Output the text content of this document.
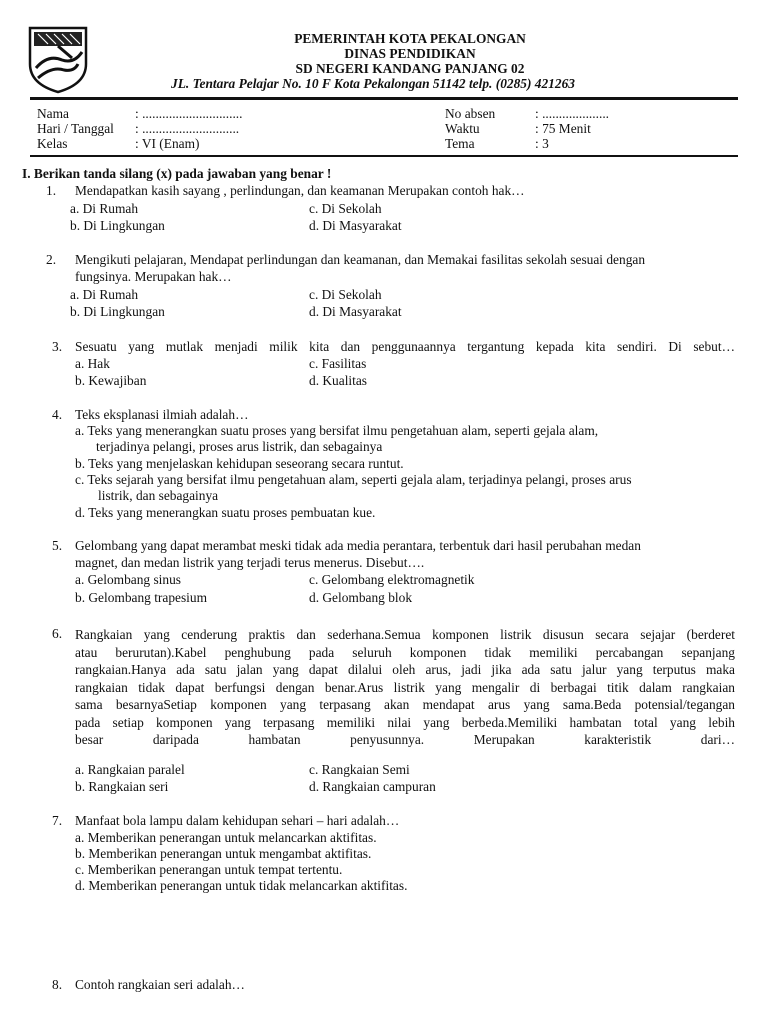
PEMERINTAH KOTA PEKALONGAN
DINAS PENDIDIKAN
SD NEGERI KANDANG PANJANG 02
JL. Tentara Pelajar No. 10 F Kota Pekalongan 51142 telp. (0285) 421263
Nama	: ..............................	No absen	: ....................
Hari / Tanggal : .............................	Waktu	: 75 Menit
Kelas	: VI (Enam)	Tema	: 3
I. Berikan tanda silang (x) pada jawaban yang benar !
1. Mendapatkan kasih sayang , perlindungan, dan keamanan Merupakan contoh hak…
a. Di Rumah
b. Di Lingkungan
c. Di Sekolah
d. Di Masyarakat
2. Mengikuti pelajaran, Mendapat perlindungan dan keamanan, dan Memakai fasilitas sekolah sesuai dengan
fungsinya. Merupakan hak…
a. Di Rumah
b. Di Lingkungan
c. Di Sekolah
d. Di Masyarakat
3. Sesuatu yang mutlak menjadi milik kita dan penggunaannya tergantung kepada kita sendiri. Di sebut…
a. Hak
b. Kewajiban
c. Fasilitas
d. Kualitas
4. Teks eksplanasi ilmiah adalah…
a. Teks yang menerangkan suatu proses yang bersifat ilmu pengetahuan alam, seperti gejala alam,
terjadinya pelangi, proses arus listrik, dan sebagainya
b. Teks yang menjelaskan kehidupan seseorang secara runtut.
c. Teks sejarah yang bersifat ilmu pengetahuan alam, seperti gejala alam, terjadinya pelangi, proses arus
listrik, dan sebagainya
d. Teks yang menerangkan suatu proses pembuatan kue.
5. Gelombang yang dapat merambat meski tidak ada media perantara, terbentuk dari hasil perubahan medan
magnet, dan medan listrik yang terjadi terus menerus. Disebut….
a. Gelombang sinus
b. Gelombang trapesium
c. Gelombang elektromagnetik
d. Gelombang blok
6. Rangkaian yang cenderung praktis dan sederhana.Semua komponen listrik disusun secara sejajar (berderet
atau berurutan).Kabel penghubung pada seluruh komponen tidak memiliki percabangan sepanjang
rangkaian.Hanya ada satu jalan yang dapat dilalui oleh arus, jadi jika ada satu jalur yang terputus maka
rangkaian tidak dapat berfungsi dengan benar.Arus listrik yang mengalir di berbagai titik dalam rangkaian
sama besarnyaSetiap komponen yang terpasang akan mendapat arus yang sama.Beda potensial/tegangan
pada setiap komponen yang terpasang memiliki nilai yang berbeda.Memiliki hambatan total yang lebih
besar daripada hambatan penyusunnya. Merupakan karakteristik dari…
a. Rangkaian paralel
b. Rangkaian seri
c. Rangkaian Semi
d. Rangkaian campuran
7. Manfaat bola lampu dalam kehidupan sehari – hari adalah…
a. Memberikan penerangan untuk melancarkan aktifitas.
b. Memberikan penerangan untuk mengambat aktifitas.
c. Memberikan penerangan untuk tempat tertentu.
d. Memberikan penerangan untuk tidak melancarkan aktifitas.
8. Contoh rangkaian seri adalah…
